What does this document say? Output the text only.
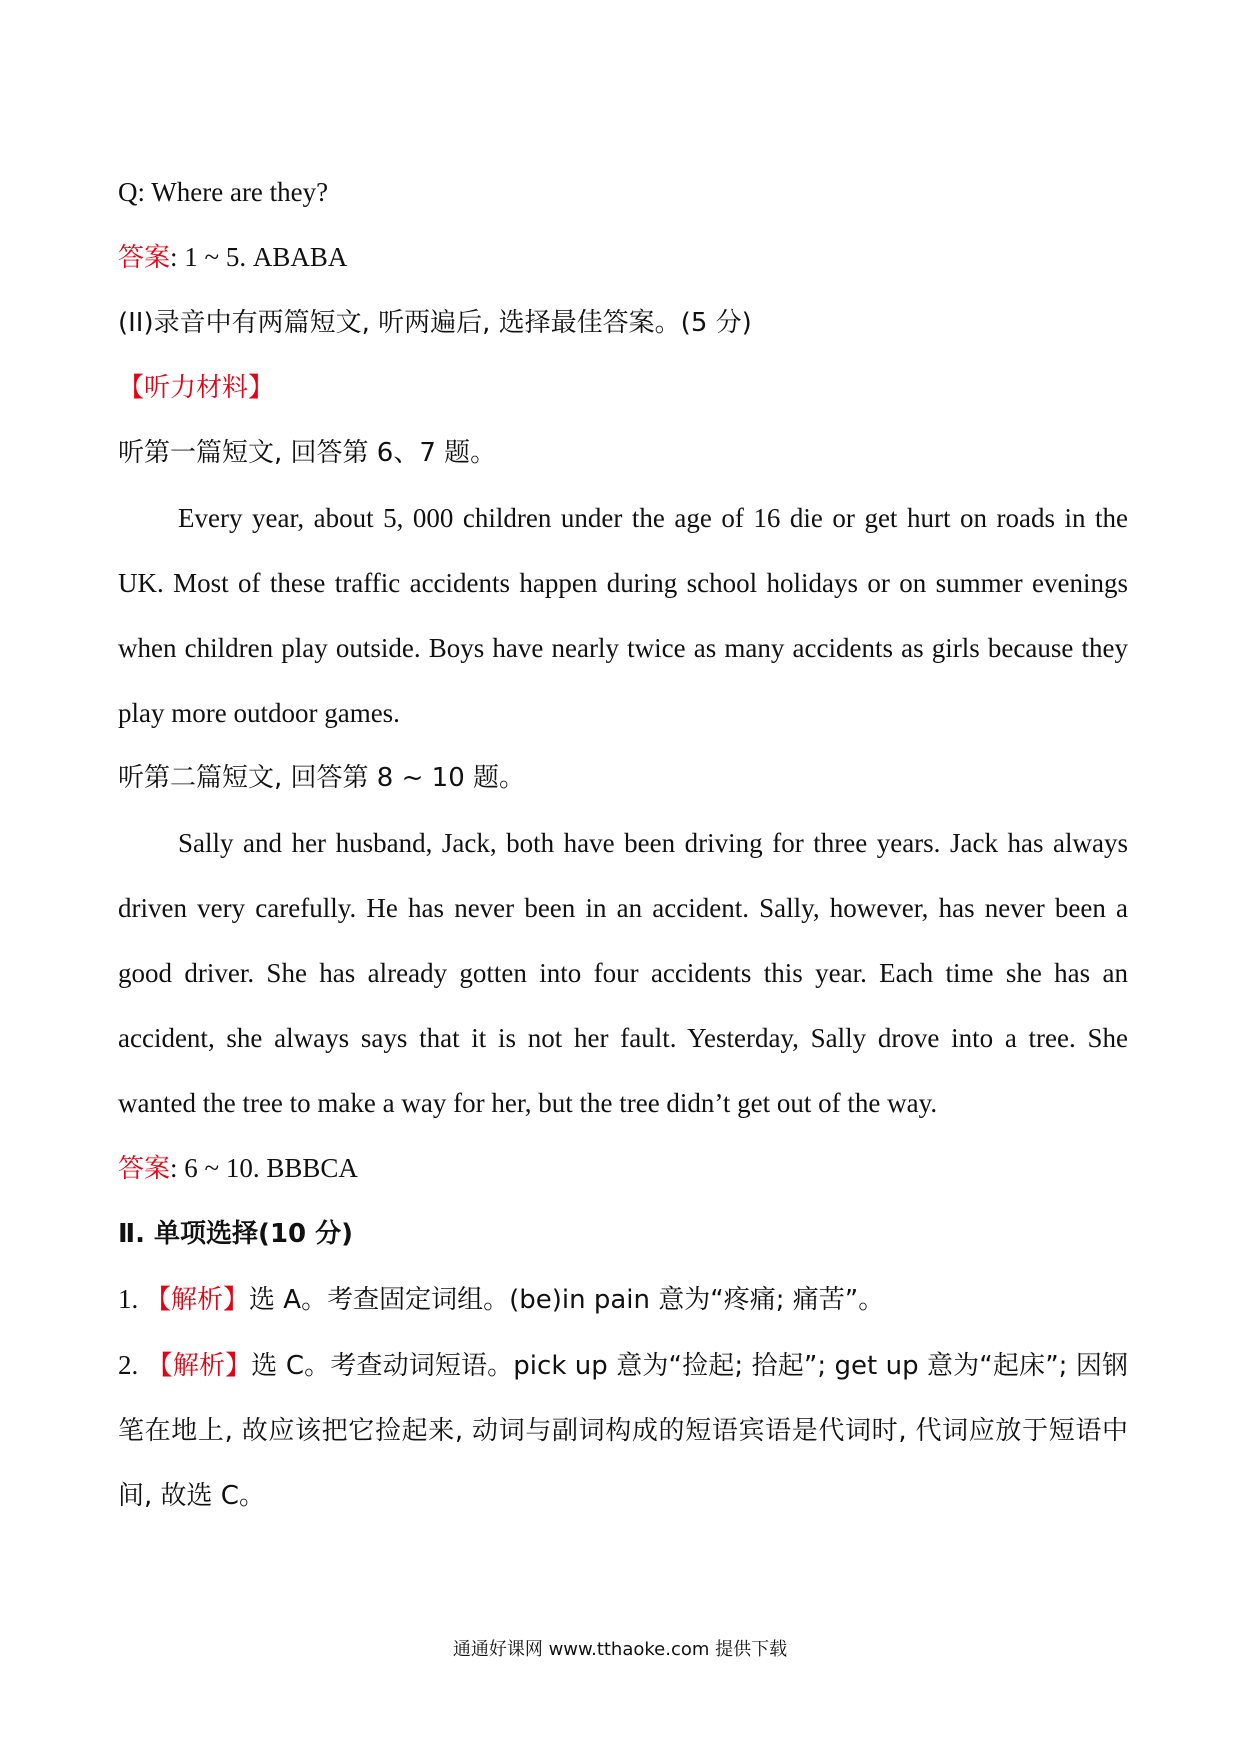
Q: Where are they?
答案: 1 ~ 5. ABABA
(II)录音中有两篇短文, 听两遍后, 选择最佳答案。(5 分)
【听力材料】
听第一篇短文, 回答第 6、7 题。

Every year, about 5, 000 children under the age of 16 die or get hurt on roads in the UK. Most of these traffic accidents happen during school holidays or on summer evenings when children play outside. Boys have nearly twice as many accidents as girls because they play more outdoor games.

听第二篇短文, 回答第 8 ~ 10 题。

Sally and her husband, Jack, both have been driving for three years. Jack has always driven very carefully. He has never been in an accident. Sally, however, has never been a good driver. She has already gotten into four accidents this year. Each time she has an accident, she always says that it is not her fault. Yesterday, Sally drove into a tree. She wanted the tree to make a way for her, but the tree didn’t get out of the way.

答案: 6 ~ 10. BBBCA
Ⅱ. 单项选择(10 分)
1. 【解析】选 A。考查固定词组。(be)in pain 意为“疼痛; 痛苦”。
2. 【解析】选 C。考查动词短语。pick up 意为“捡起; 拾起”; get up 意为“起床”; 因钢笔在地上, 故应该把它捡起来, 动词与副词构成的短语宾语是代词时, 代词应放于短语中间, 故选 C。
通通好课网 www.tthaoke.com 提供下载
